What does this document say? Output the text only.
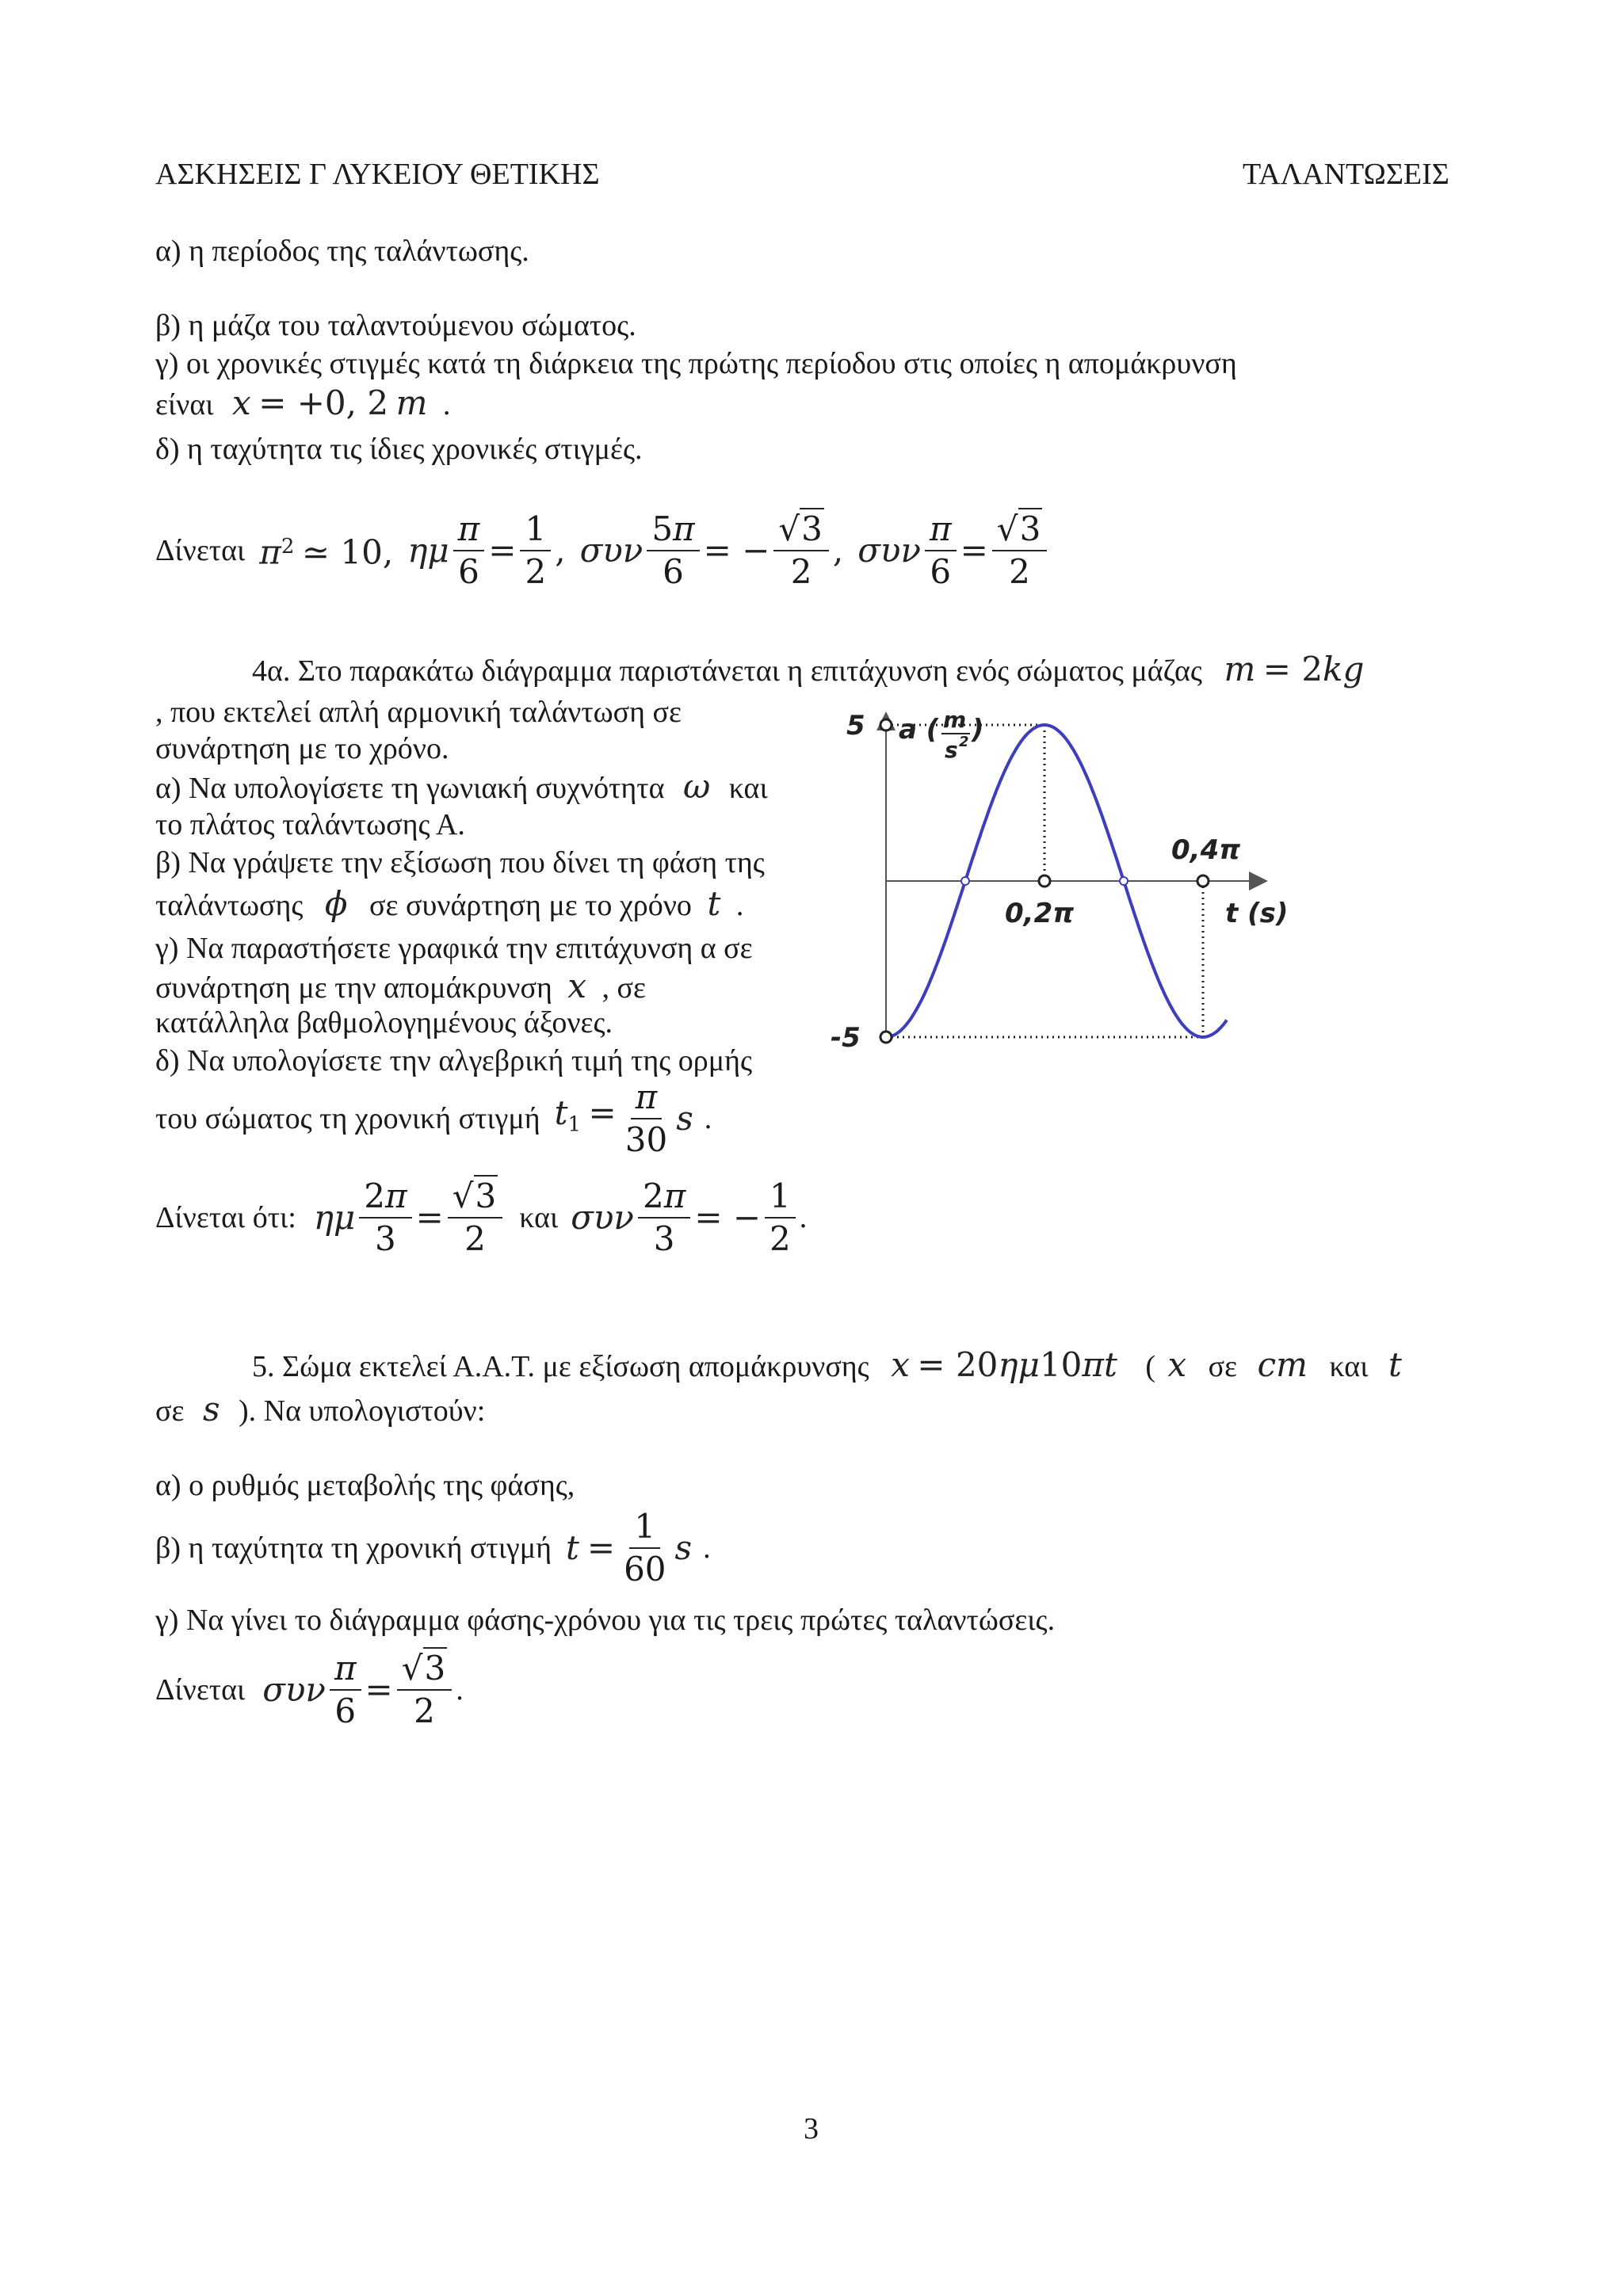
ΑΣΚΗΣΕΙΣ Γ ΛΥΚΕΙΟΥ ΘΕΤΙΚΗΣ	ΤΑΛΑΝΤΩΣΕΙΣ
α) η περίοδος της ταλάντωσης.
β) η μάζα του ταλαντούμενου σώματος.
γ) οι χρονικές στιγμές κατά τη διάρκεια της πρώτης περίοδου στις οποίες η απομάκρυνση
είναι x = +0, 2 m .
δ) η ταχύτητα τις ίδιες χρονικές στιγμές.
Δίνεται $\pi^2$ ≃ 10, ημ $\frac{\pi}{6} = \frac{1}{2}$ , συν $\frac{5\pi}{6}$ = − $\frac{√3}{2}$ , συν $\frac{\pi}{6} = \frac{√3}{2}$
4α. Στο παρακάτω διάγραμμα παριστάνεται η επιτάχυνση ενός σώματος μάζας m = 2kg
, που εκτελεί απλή αρμονική ταλάντωση σε
συνάρτηση με το χρόνο.
α) Να υπολογίσετε τη γωνιακή συχνότητα ω και
το πλάτος ταλάντωσης Α.
β) Να γράψετε την εξίσωση που δίνει τη φάση της
ταλάντωσης ϕ σε συνάρτηση με το χρόνο t .
γ) Να παραστήσετε γραφικά την επιτάχυνση α σε
συνάρτηση με την απομάκρυνση x , σε
κατάλληλα βαθμολογημένους άξονες.
δ) Να υπολογίσετε την αλγεβρική τιμή της ορμής
του σώματος τη χρονική στιγμή $t_1 = \frac{\pi}{30}$ s .
Δίνεται ότι: ημ $\frac{2\pi}{3} = \frac{√3}{2}$ και συν $\frac{2\pi}{3}$ = − $\frac{1}{2}$ .
5
-5
0,2π
0,4π
t (s)
a ( m
s 2 )
5. Σώμα εκτελεί Α.Α.Τ. με εξίσωση απομάκρυνσης x = 20ημ10πt ( x σε cm και t
σε s ). Να υπολογιστούν:
α) ο ρυθμός μεταβολής της φάσης,
β) η ταχύτητα τη χρονική στιγμή $t = \frac{1}{60}$ s .
γ) Να γίνει το διάγραμμα φάσης-χρόνου για τις τρεις πρώτες ταλαντώσεις.
Δίνεται συν $\frac{\pi}{6} = \frac{√3}{2}$ .
3
